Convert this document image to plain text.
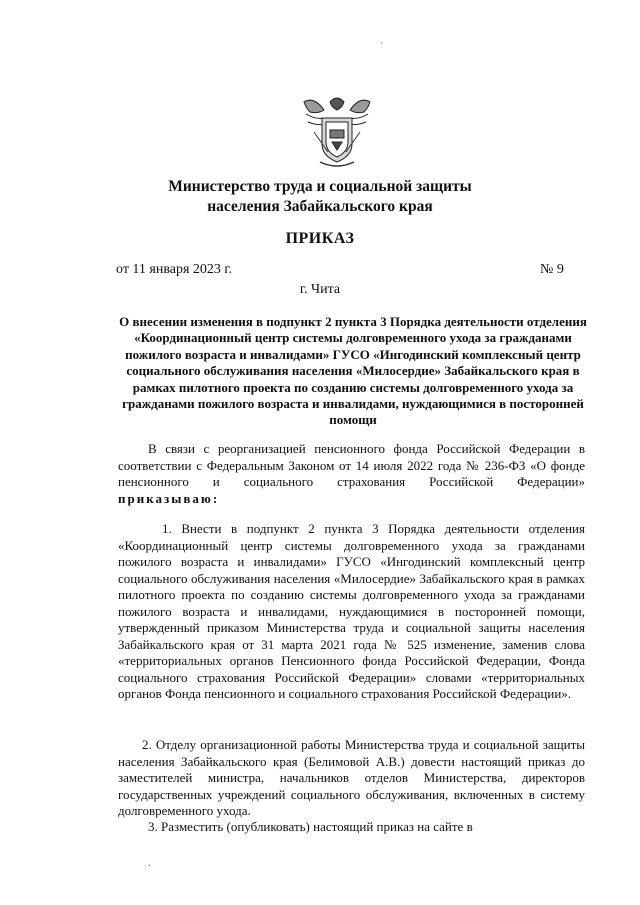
Министерство труда и социальной защиты населения Забайкальского края
ПРИКАЗ
от 11 января 2023 г.	№ 9
г. Чита
О внесении изменения в подпункт 2 пункта 3 Порядка деятельности отделения «Координационный центр системы долговременного ухода за гражданами пожилого возраста и инвалидами» ГУСО «Ингодинский комплексный центр социального обслуживания населения «Милосердие» Забайкальского края в рамках пилотного проекта по созданию системы долговременного ухода за гражданами пожилого возраста и инвалидами, нуждающимися в посторонней помощи
В связи с реорганизацией пенсионного фонда Российской Федерации в соответствии с Федеральным Законом от 14 июля 2022 года № 236-ФЗ «О фонде пенсионного и социального страхования Российской Федерации» приказываю:
1. Внести в подпункт 2 пункта 3 Порядка деятельности отделения «Координационный центр системы долговременного ухода за гражданами пожилого возраста и инвалидами» ГУСО «Ингодинский комплексный центр социального обслуживания населения «Милосердие» Забайкальского края в рамках пилотного проекта по созданию системы долговременного ухода за гражданами пожилого возраста и инвалидами, нуждающимися в посторонней помощи, утвержденный приказом Министерства труда и социальной защиты населения Забайкальского края от 31 марта 2021 года № 525 изменение, заменив слова «территориальных органов Пенсионного фонда Российской Федерации, Фонда социального страхования Российской Федерации» словами «территориальных органов Фонда пенсионного и социального страхования Российской Федерации».
2. Отделу организационной работы Министерства труда и социальной защиты населения Забайкальского края (Белимовой А.В.) довести настоящий приказ до заместителей министра, начальников отделов Министерства, директоров государственных учреждений социального обслуживания, включенных в систему долговременного ухода.
3. Разместить (опубликовать) настоящий приказ на сайте в
`
.
